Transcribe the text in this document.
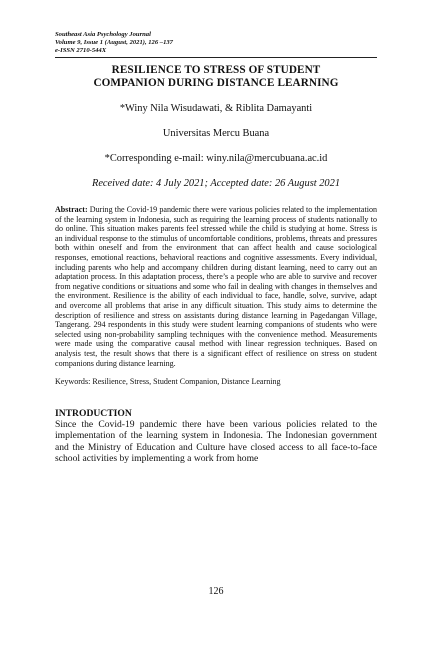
Southeast Asia Psychology Journal
Volume 9, Issue 1 (August, 2021), 126 –137
e-ISSN 2710-544X
RESILIENCE TO STRESS OF STUDENT
COMPANION DURING DISTANCE LEARNING
*Winy Nila Wisudawati, & Riblita Damayanti
Universitas Mercu Buana
*Corresponding e-mail: winy.nila@mercubuana.ac.id
Received date: 4 July 2021; Accepted date: 26 August 2021
Abstract: During the Covid-19 pandemic there were various policies related to the implementation of the learning system in Indonesia, such as requiring the learning process of students nationally to do online. This situation makes parents feel stressed while the child is studying at home. Stress is an individual response to the stimulus of uncomfortable conditions, problems, threats and pressures both within oneself and from the environment that can affect health and cause sociological responses, emotional reactions, behavioral reactions and cognitive assessments. Every individual, including parents who help and accompany children during distant learning, need to carry out an adaptation process. In this adaptation process, there’s a people who are able to survive and recover from negative conditions or situations and some who fail in dealing with changes in themselves and the environment. Resilience is the ability of each individual to face, handle, solve, survive, adapt and overcome all problems that arise in any difficult situation. This study aims to determine the description of resilience and stress on assistants during distance learning in Pagedangan Village, Tangerang. 294 respondents in this study were student learning companions of students who were selected using non-probability sampling techniques with the convenience method. Measurements were made using the comparative causal method with linear regression techniques. Based on analysis test, the result shows that there is a significant effect of resilience on stress on student companions during distance learning.
Keywords: Resilience, Stress, Student Companion, Distance Learning
INTRODUCTION
Since the Covid-19 pandemic there have been various policies related to the implementation of the learning system in Indonesia. The Indonesian government and the Ministry of Education and Culture have closed access to all face-to-face school activities by implementing a work from home
126
